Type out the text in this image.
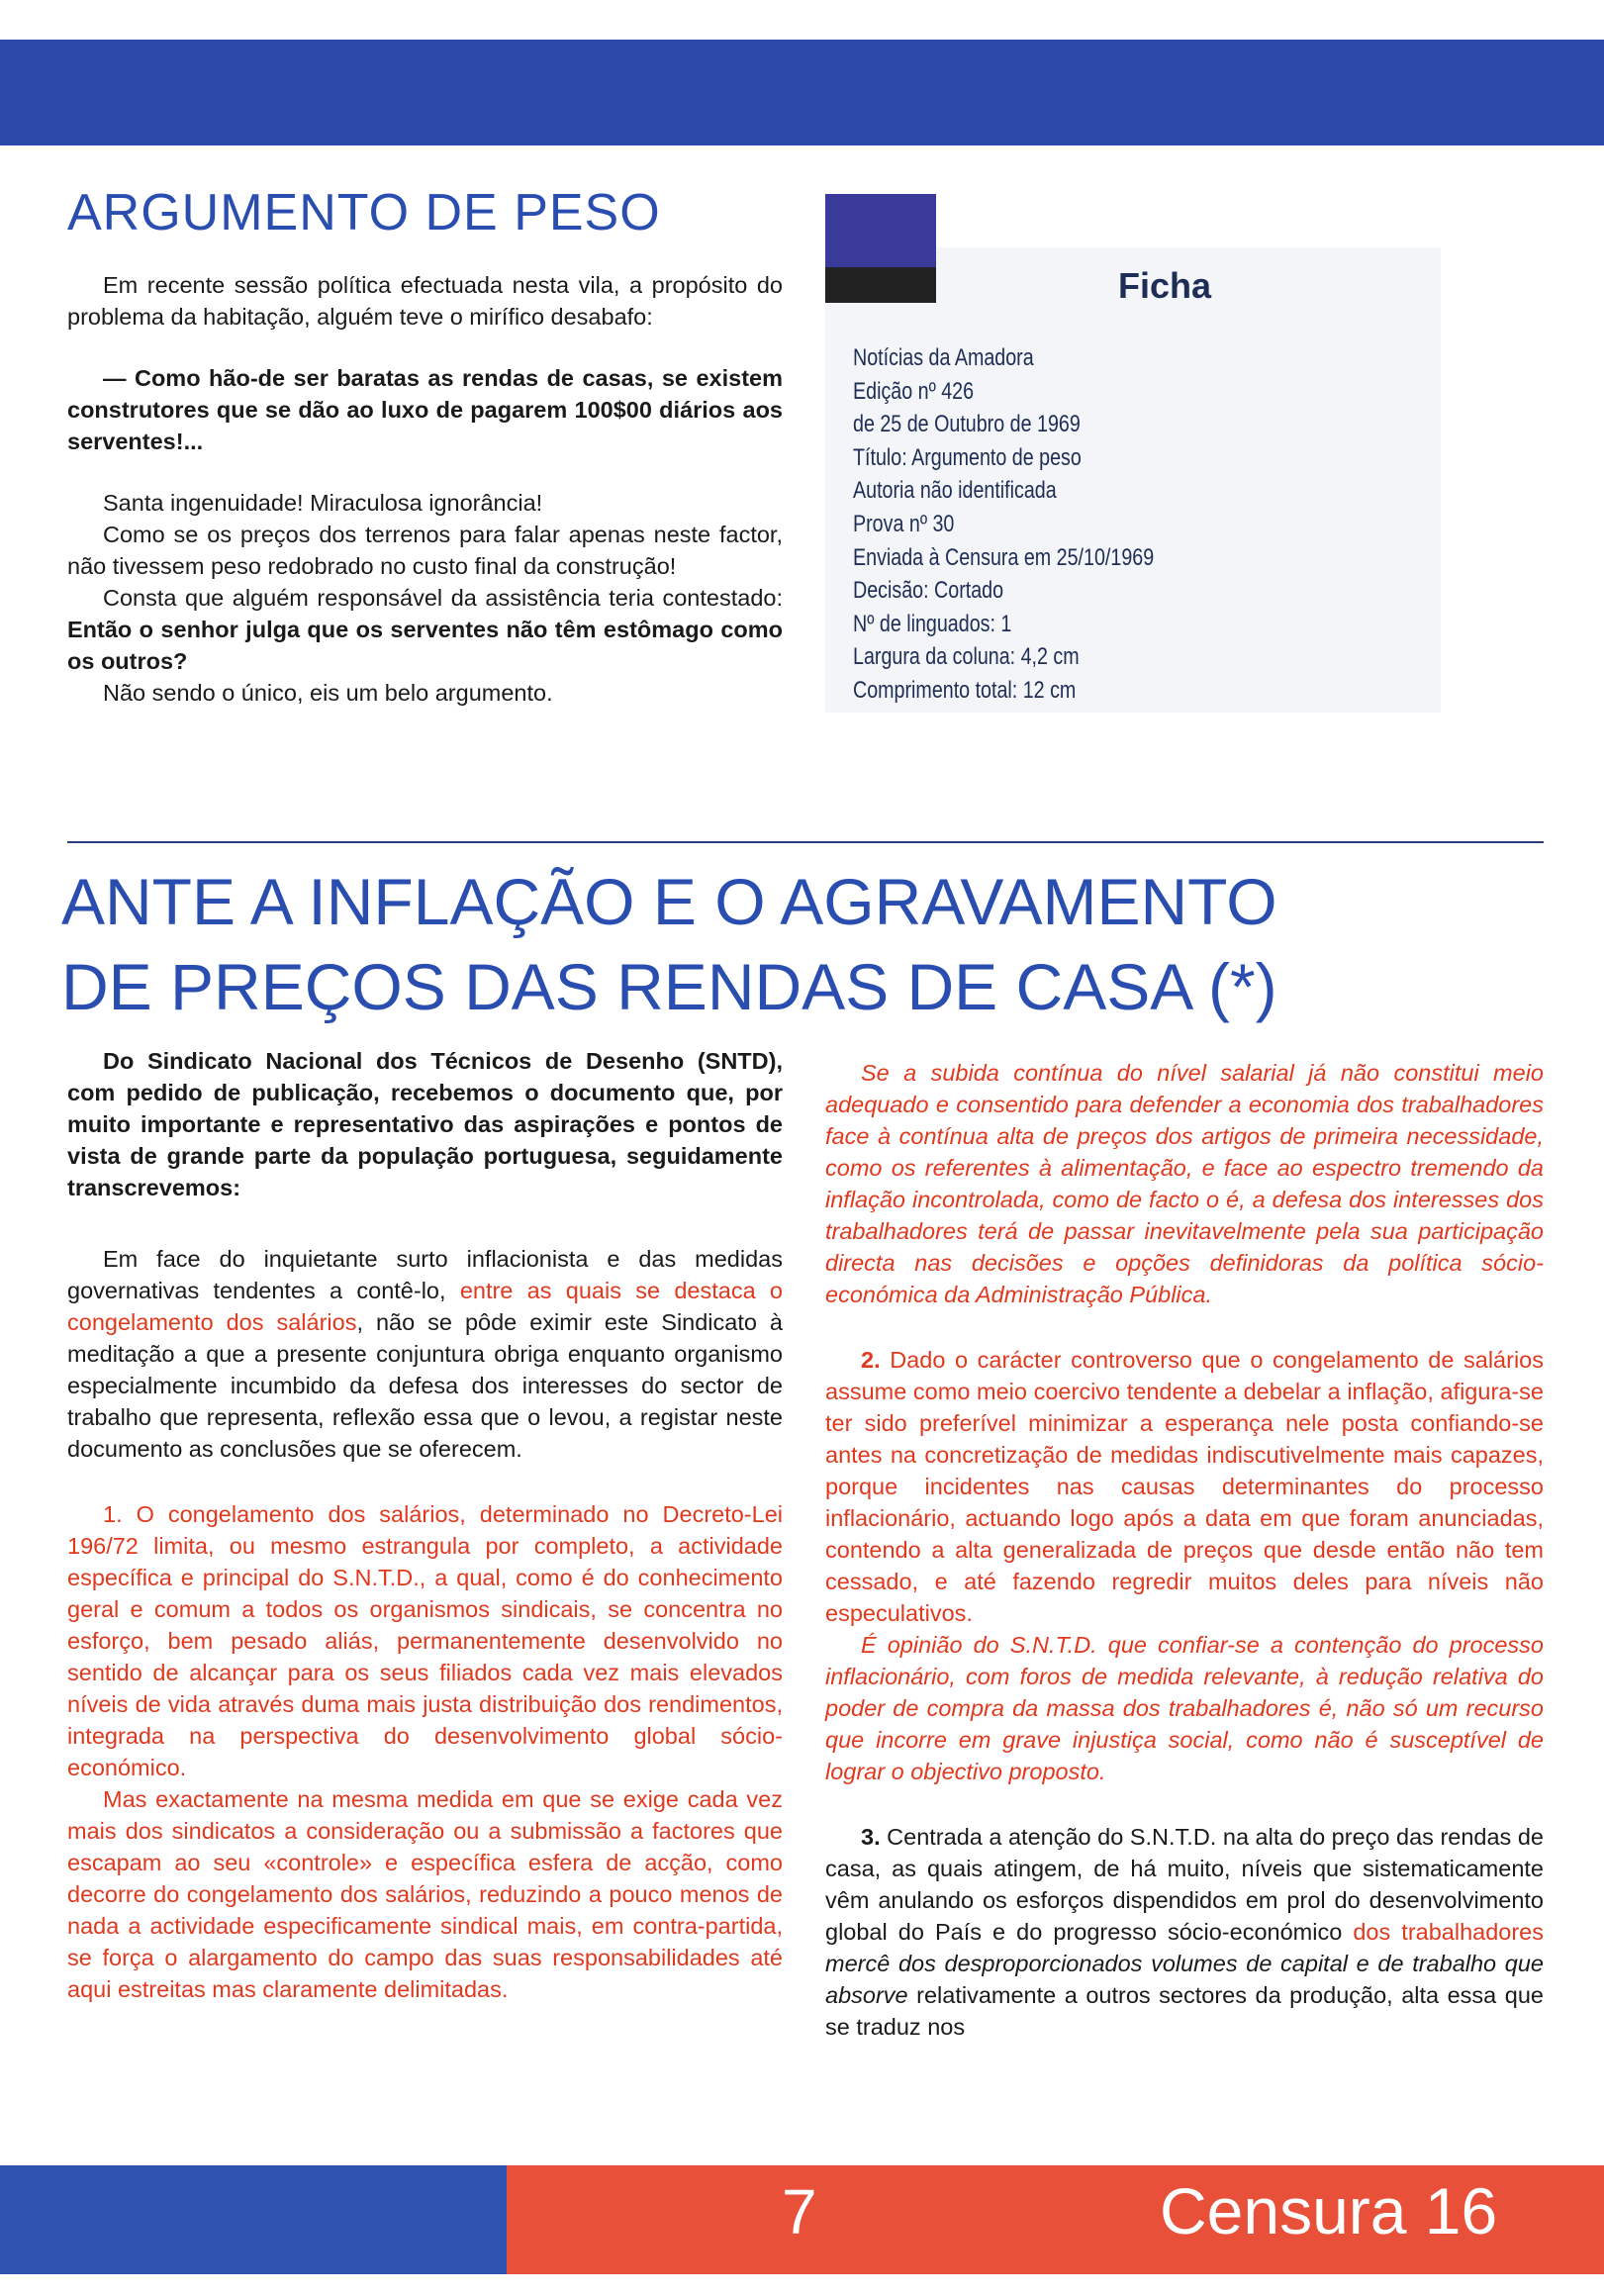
ARGUMENTO DE PESO

Em recente sessão política efectuada nesta vila, a propósito do problema da habitação, alguém teve o mirífico desabafo:

— Como hão-de ser baratas as rendas de casas, se existem construtores que se dão ao luxo de pagarem 100$00 diários aos serventes!...

Santa ingenuidade! Miraculosa ignorância!

Como se os preços dos terrenos para falar apenas neste factor, não tivessem peso redobrado no custo final da construção!

Consta que alguém responsável da assistência teria contestado: Então o senhor julga que os serventes não têm estômago como os outros?

Não sendo o único, eis um belo argumento.

Ficha
Notícias da Amadora
Edição nº 426
de 25 de Outubro de 1969
Título: Argumento de peso
Autoria não identificada
Prova nº 30
Enviada à Censura em 25/10/1969
Decisão: Cortado
Nº de linguados: 1
Largura da coluna: 4,2 cm
Comprimento total: 12 cm
ANTE A INFLAÇÃO E O AGRAVAMENTO
DE PREÇOS DAS RENDAS DE CASA (*)

Do Sindicato Nacional dos Técnicos de Desenho (SNTD), com pedido de publicação, recebemos o documento que, por muito importante e representativo das aspirações e pontos de vista de grande parte da população portuguesa, seguidamente transcrevemos:

Em face do inquietante surto inflacionista e das medidas governativas tendentes a contê-lo, entre as quais se destaca o congelamento dos salários, não se pôde eximir este Sindicato à meditação a que a presente conjuntura obriga enquanto organismo especialmente incumbido da defesa dos interesses do sector de trabalho que representa, reflexão essa que o levou, a registar neste documento as conclusões que se oferecem.

1. O congelamento dos salários, determinado no Decreto-Lei 196/72 limita, ou mesmo estrangula por completo, a actividade específica e principal do S.N.T.D., a qual, como é do conhecimento geral e comum a todos os organismos sindicais, se concentra no esforço, bem pesado aliás, permanentemente desenvolvido no sentido de alcançar para os seus filiados cada vez mais elevados níveis de vida através duma mais justa distribuição dos rendimentos, integrada na perspectiva do desenvolvimento global sócio-económico.

Mas exactamente na mesma medida em que se exige cada vez mais dos sindicatos a consideração ou a submissão a factores que escapam ao seu «controle» e específica esfera de acção, como decorre do congelamento dos salários, reduzindo a pouco menos de nada a actividade especificamente sindical mais, em contra-partida, se força o alargamento do campo das suas responsabilidades até aqui estreitas mas claramente delimitadas.

Se a subida contínua do nível salarial já não constitui meio adequado e consentido para defender a economia dos trabalhadores face à contínua alta de preços dos artigos de primeira necessidade, como os referentes à alimentação, e face ao espectro tremendo da inflação incontrolada, como de facto o é, a defesa dos interesses dos trabalhadores terá de passar inevitavelmente pela sua participação directa nas decisões e opções definidoras da política sócio- económica da Administração Pública.

2. Dado o carácter controverso que o congelamento de salários assume como meio coercivo tendente a debelar a inflação, afigura-se ter sido preferível minimizar a esperança nele posta confiando-se antes na concretização de medidas indiscutivelmente mais capazes, porque incidentes nas causas determinantes do processo inflacionário, actuando logo após a data em que foram anunciadas, contendo a alta generalizada de preços que desde então não tem cessado, e até fazendo regredir muitos deles para níveis não especulativos.

É opinião do S.N.T.D. que confiar-se a contenção do processo inflacionário, com foros de medida relevante, à redução relativa do poder de compra da massa dos trabalhadores é, não só um recurso que incorre em grave injustiça social, como não é susceptível de lograr o objectivo proposto.

3. Centrada a atenção do S.N.T.D. na alta do preço das rendas de casa, as quais atingem, de há muito, níveis que sistematicamente vêm anulando os esforços dispendidos em prol do desenvolvimento global do País e do progresso sócio-económico dos trabalhadores mercê dos desproporcionados volumes de capital e de trabalho que absorve relativamente a outros sectores da produção, alta essa que se traduz nos

7	Censura 16
